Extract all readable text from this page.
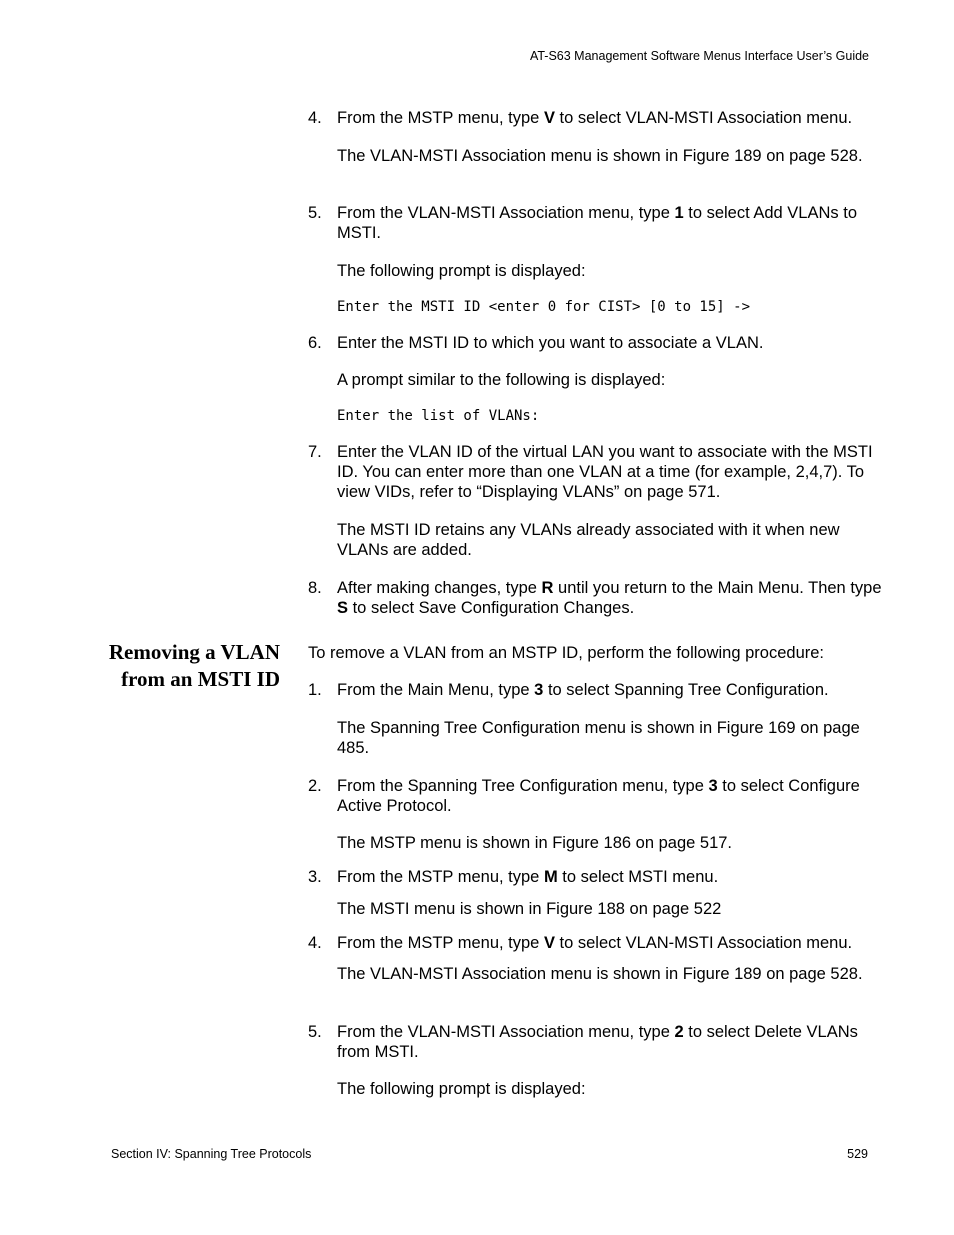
AT-S63 Management Software Menus Interface User’s Guide
4. From the MSTP menu, type V to select VLAN-MSTI Association menu.
The VLAN-MSTI Association menu is shown in Figure 189 on page 528.
5. From the VLAN-MSTI Association menu, type 1 to select Add VLANs to MSTI.
The following prompt is displayed:
Enter the MSTI ID <enter 0 for CIST> [0 to 15] ->
6. Enter the MSTI ID to which you want to associate a VLAN.
A prompt similar to the following is displayed:
Enter the list of VLANs:
7. Enter the VLAN ID of the virtual LAN you want to associate with the MSTI ID. You can enter more than one VLAN at a time (for example, 2,4,7). To view VIDs, refer to “Displaying VLANs” on page 571.
The MSTI ID retains any VLANs already associated with it when new VLANs are added.
8. After making changes, type R until you return to the Main Menu. Then type S to select Save Configuration Changes.
Removing a VLAN from an MSTI ID
To remove a VLAN from an MSTP ID, perform the following procedure:
1. From the Main Menu, type 3 to select Spanning Tree Configuration.
The Spanning Tree Configuration menu is shown in Figure 169 on page 485.
2. From the Spanning Tree Configuration menu, type 3 to select Configure Active Protocol.
The MSTP menu is shown in Figure 186 on page 517.
3. From the MSTP menu, type M to select MSTI menu.
The MSTI menu is shown in Figure 188 on page 522
4. From the MSTP menu, type V to select VLAN-MSTI Association menu.
The VLAN-MSTI Association menu is shown in Figure 189 on page 528.
5. From the VLAN-MSTI Association menu, type 2 to select Delete VLANs from MSTI.
The following prompt is displayed:
Section IV: Spanning Tree Protocols	529
